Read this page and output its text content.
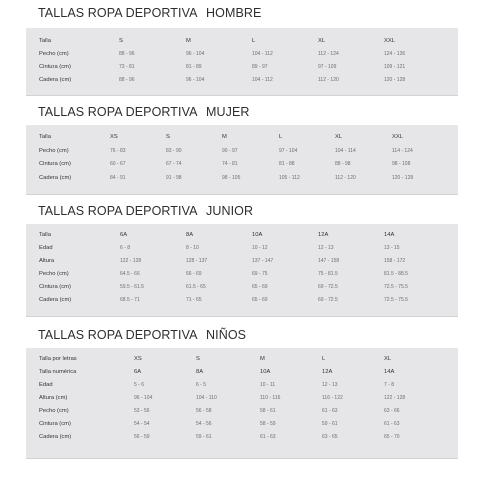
TALLAS ROPA DEPORTIVA HOMBRE
Talla	S	M	L	XL	XXL
Pecho (cm)	88 - 96	96 - 104	104 - 112	112 - 124	124 - 136
Cintura (cm)	73 - 81	81 - 89	89 - 97	97 - 109	109 - 121
Cadera (cm)	88 - 96	96 - 104	104 - 112	112 - 120	120 - 128
TALLAS ROPA DEPORTIVA MUJER
Talla	XS	S	M	L	XL	XXL
Pecho (cm)	76 - 83	83 - 90	90 - 97	97 - 104	104 - 114	114 - 124
Cintura (cm)	60 - 67	67 - 74	74 - 81	81 - 88	88 - 98	98 - 108
Cadera (cm)	84 - 91	91 - 98	98 - 105	105 - 112	112 - 120	120 - 128
TALLAS ROPA DEPORTIVA JUNIOR
Talla	6A	8A	10A	12A	14A
Edad	6 - 8	8 - 10	10 - 12	12 - 13	13 - 15
Altura	122 - 128	128 - 137	137 - 147	147 - 158	158 - 172
Pecho (cm)	64.5 - 66	66 - 69	69 - 75	75 - 81.5	81.5 - 88.5
Cintura (cm)	59.5 - 61.5	61.5 - 65	65 - 69	69 - 72.5	72.5 - 75.5
Cadera (cm)	68.5 - 71	71 - 65	65 - 69	69 - 72.5	72.5 - 75.5
TALLAS ROPA DEPORTIVA NIÑOS
Talla por letras	XS	S	M	L	XL
Talla numérica	6A	8A	10A	12A	14A
Edad	5 - 6	6 - 5	10 - 11	12 - 13	7 - 8
Altura (cm)	96 - 104	104 - 110	110 - 116	116 - 122	122 - 128
Pecho (cm)	53 - 56	56 - 58	58 - 61	61 - 63	63 - 66
Cintura (cm)	54 - 54	54 - 56	58 - 59	59 - 61	61 - 63
Cadera (cm)	56 - 59	59 - 61	61 - 63	63 - 65	65 - 70
